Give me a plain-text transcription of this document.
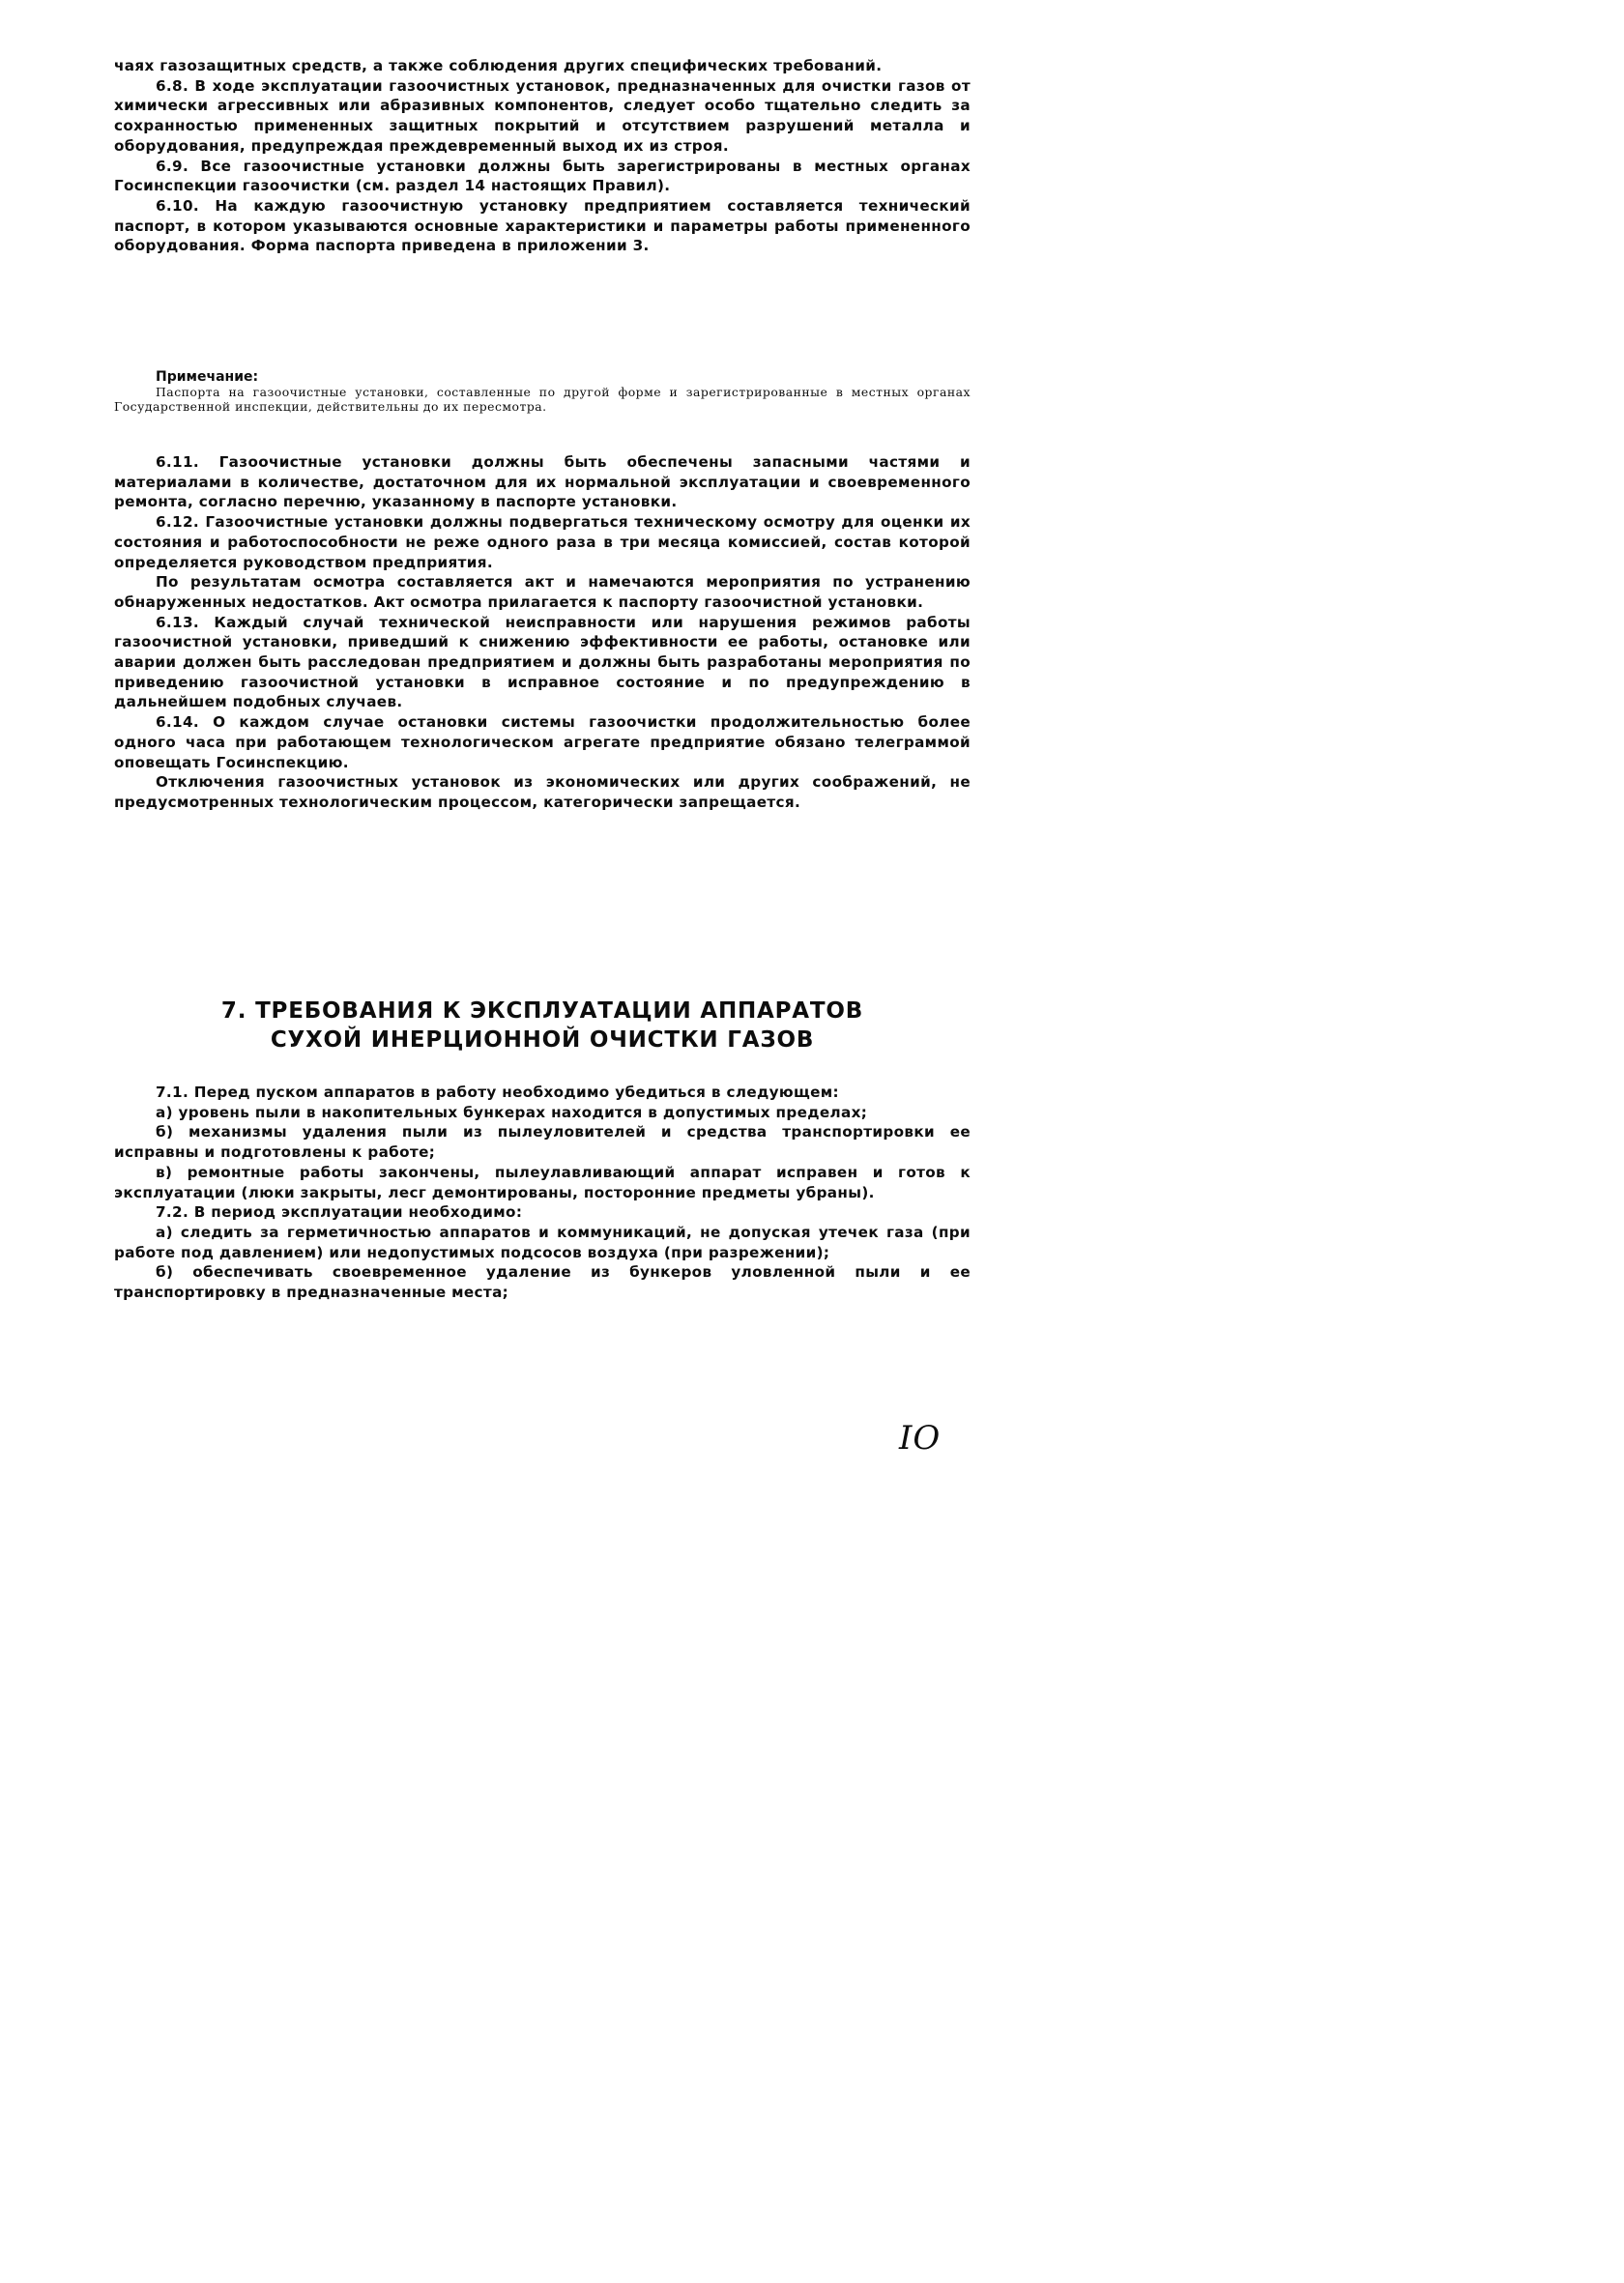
чаях газозащитных средств, а также соблюдения других специфических требований.

6.8. В ходе эксплуатации газоочистных установок, предназначенных для очистки газов от химически агрессивных или абразивных компонентов, следует особо тщательно следить за сохранностью примененных защитных покрытий и отсутствием разрушений металла и оборудования, предупреждая преждевременный выход их из строя.

6.9. Все газоочистные установки должны быть зарегистрированы в местных органах Госинспекции газоочистки (см. раздел 14 настоящих Правил).

6.10. На каждую газоочистную установку предприятием составляется технический паспорт, в котором указываются основные характеристики и параметры работы примененного оборудования. Форма паспорта приведена в приложении 3.

Примечание:

Паспорта на газоочистные установки, составленные по другой форме и зарегистрированные в местных органах Государственной инспекции, действительны до их пересмотра.

6.11. Газоочистные установки должны быть обеспечены запасными частями и материалами в количестве, достаточном для их нормальной эксплуатации и своевременного ремонта, согласно перечню, указанному в паспорте установки.

6.12. Газоочистные установки должны подвергаться техническому осмотру для оценки их состояния и работоспособности не реже одного раза в три месяца комиссией, состав которой определяется руководством предприятия.

По результатам осмотра составляется акт и намечаются мероприятия по устранению обнаруженных недостатков. Акт осмотра прилагается к паспорту газоочистной установки.

6.13. Каждый случай технической неисправности или нарушения режимов работы газоочистной установки, приведший к снижению эффективности ее работы, остановке или аварии должен быть расследован предприятием и должны быть разработаны мероприятия по приведению газоочистной установки в исправное состояние и по предупреждению в дальнейшем подобных случаев.

6.14. О каждом случае остановки системы газоочистки продолжительностью более одного часа при работающем технологическом агрегате предприятие обязано телеграммой оповещать Госинспекцию.

Отключения газоочистных установок из экономических или других соображений, не предусмотренных технологическим процессом, категорически запрещается.

7. ТРЕБОВАНИЯ К ЭКСПЛУАТАЦИИ АППАРАТОВ
СУХОЙ ИНЕРЦИОННОЙ ОЧИСТКИ ГАЗОВ

7.1. Перед пуском аппаратов в работу необходимо убедиться в следующем:

а) уровень пыли в накопительных бункерах находится в допустимых пределах;

б) механизмы удаления пыли из пылеуловителей и средства транспортировки ее исправны и подготовлены к работе;

в) ремонтные работы закончены, пылеулавливающий аппарат исправен и готов к эксплуатации (люки закрыты, лесг демонтированы, посторонние предметы убраны).

7.2. В период эксплуатации необходимо:

а) следить за герметичностью аппаратов и коммуникаций, не допуская утечек газа (при работе под давлением) или недопустимых подсосов воздуха (при разрежении);

б) обеспечивать своевременное удаление из бункеров уловленной пыли и ее транспортировку в предназначенные места;

IO
